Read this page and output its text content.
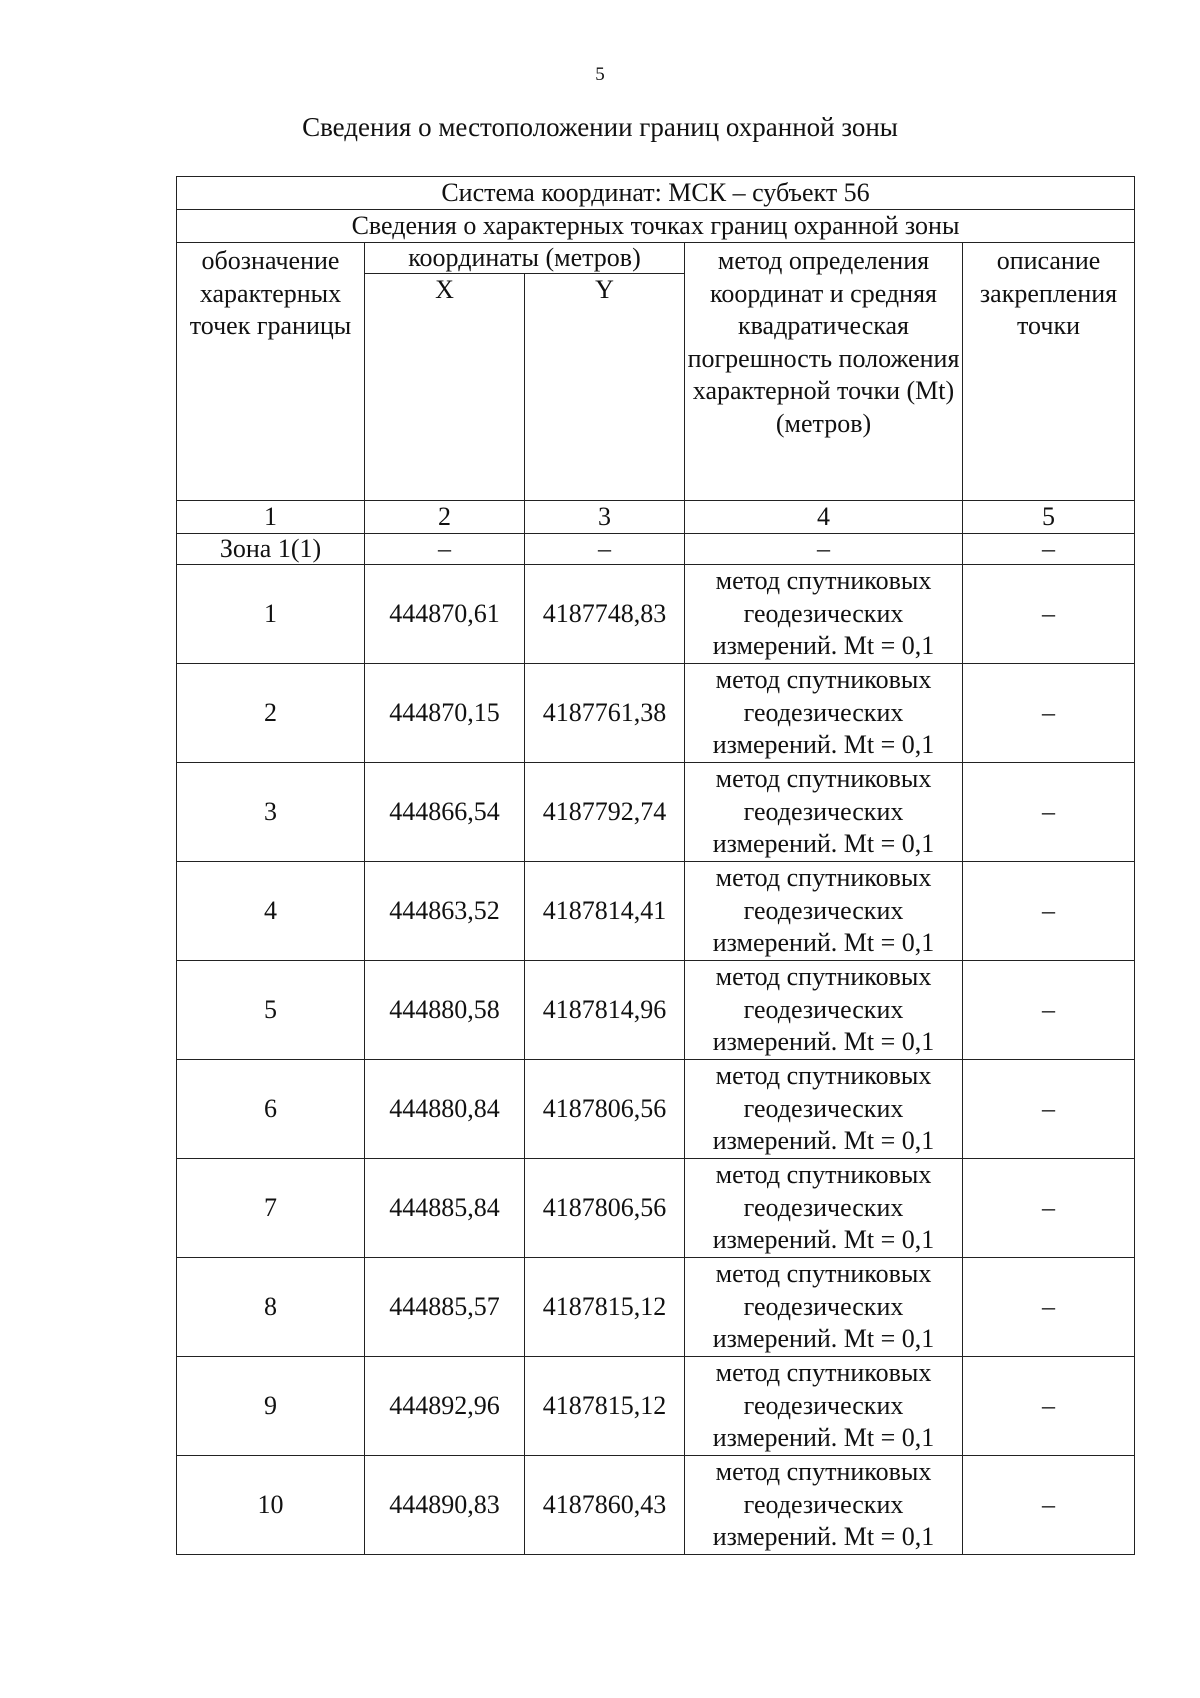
5
Сведения о местоположении границ охранной зоны
Система координат: МСК – субъект 56				
Сведения о характерных точках границ охранной зоны				
обозначение характерных точек границы	координаты (метров)		метод определения координат и средняя квадратическая погрешность положения характерной точки (Mt) (метров)	описание закрепления точки
	X	Y		
1	2	3	4	5
Зона 1(1)	–	–	–	–
1	444870,61	4187748,83	метод спутниковых геодезических измерений. Mt = 0,1	–
2	444870,15	4187761,38	метод спутниковых геодезических измерений. Mt = 0,1	–
3	444866,54	4187792,74	метод спутниковых геодезических измерений. Mt = 0,1	–
4	444863,52	4187814,41	метод спутниковых геодезических измерений. Mt = 0,1	–
5	444880,58	4187814,96	метод спутниковых геодезических измерений. Mt = 0,1	–
6	444880,84	4187806,56	метод спутниковых геодезических измерений. Mt = 0,1	–
7	444885,84	4187806,56	метод спутниковых геодезических измерений. Mt = 0,1	–
8	444885,57	4187815,12	метод спутниковых геодезических измерений. Mt = 0,1	–
9	444892,96	4187815,12	метод спутниковых геодезических измерений. Mt = 0,1	–
10	444890,83	4187860,43	метод спутниковых геодезических измерений. Mt = 0,1	–
